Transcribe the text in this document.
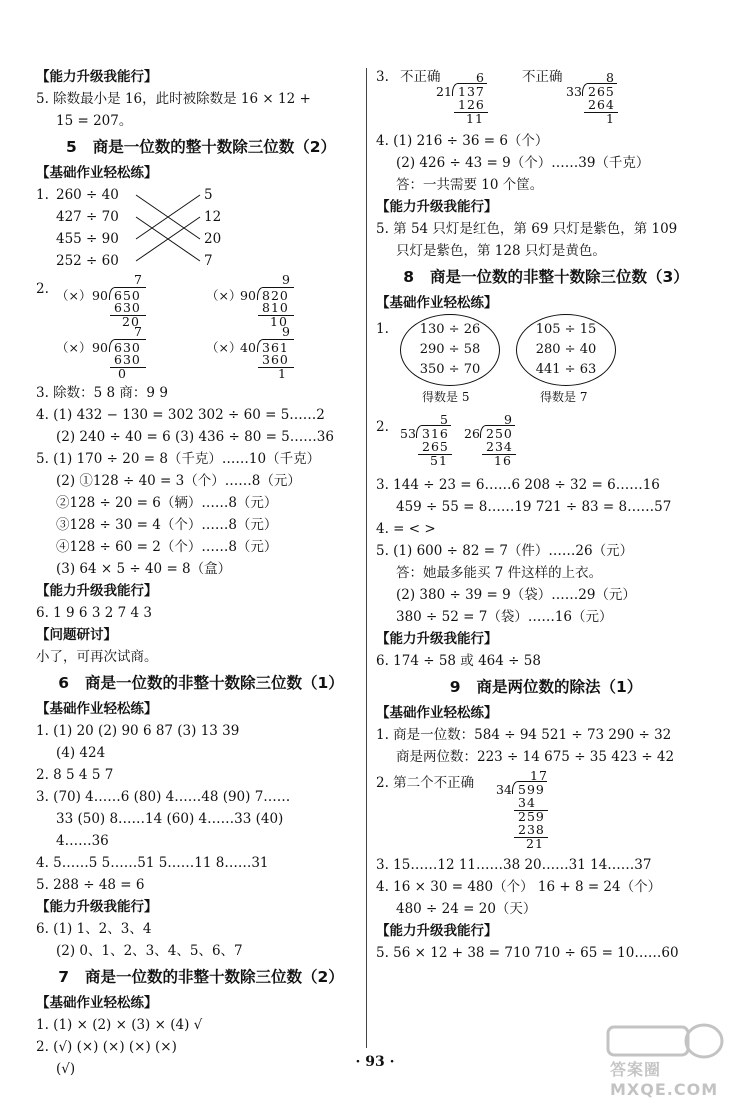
【能力升级我能行】
5. 除数最小是 16，此时被除数是 16 × 12 +
15 = 207。
5 商是一位数的整十数除三位数（2）
【基础作业轻松练】
1. 260 ÷ 40
427 ÷ 70
455 ÷ 90
252 ÷ 60
5
12
20
7
2. （×）
7
90 650
630
20
（×）
9
90 820
810
10
（×）
7
90 630
630
0
（×）
9
40 361
360
1
3. 除数：5 8 商：9 9
4. (1) 432 − 130 = 302 302 ÷ 60 = 5……2
(2) 240 ÷ 40 = 6 (3) 436 ÷ 80 = 5……36
5. (1) 170 ÷ 20 = 8（千克）……10（千克）
(2) ①128 ÷ 40 = 3（个）……8（元）
②128 ÷ 20 = 6（辆）……8（元）
③128 ÷ 30 = 4（个）……8（元）
④128 ÷ 60 = 2（个）……8（元）
(3) 64 × 5 ÷ 40 = 8（盒）
【能力升级我能行】
6. 1 9 6 3 2 7 4 3
【问题研讨】
小了，可再次试商。
6 商是一位数的非整十数除三位数（1）
【基础作业轻松练】
1. (1) 20 (2) 90 6 87 (3) 13 39
(4) 424
2. 8 5 4 5 7
3. (70) 4……6 (80) 4……48 (90) 7……
33 (50) 8……14 (60) 4……33 (40)
4……36
4. 5……5 5……51 5……11 8……31
5. 288 ÷ 48 = 6
【能力升级我能行】
6. (1) 1、2、3、4
(2) 0、1、2、3、4、5、6、7
7 商是一位数的非整十数除三位数（2）
【基础作业轻松练】
1. (1) × (2) × (3) × (4) √
2. (√) (×) (×) (×) (×)
(√)
3. 不正确	6
21 137
126
11
不正确	8
33 265
264
1
4. (1) 216 ÷ 36 = 6（个）
(2) 426 ÷ 43 = 9（个）……39（千克）
答：一共需要 10 个筐。
【能力升级我能行】
5. 第 54 只灯是红色，第 69 只灯是紫色，第 109
只灯是紫色，第 128 只灯是黄色。
8 商是一位数的非整十数除三位数（3）
【基础作业轻松练】
1.	130 ÷ 26
290 ÷ 58
350 ÷ 70
105 ÷ 15
280 ÷ 40
441 ÷ 63
得数是 5	得数是 7
2.	5
53 316
265
51
9
26 250
234
16
3. 144 ÷ 23 = 6……6 208 ÷ 32 = 6……16
459 ÷ 55 = 8……19 721 ÷ 83 = 8……57
4. = < >
5. (1) 600 ÷ 82 = 7（件）……26（元）
答：她最多能买 7 件这样的上衣。
(2) 380 ÷ 39 = 9（袋）……29（元）
380 ÷ 52 = 7（袋）……16（元）
【能力升级我能行】
6. 174 ÷ 58 或 464 ÷ 58
9 商是两位数的除法（1）
【基础作业轻松练】
1. 商是一位数：584 ÷ 94 521 ÷ 73 290 ÷ 32
商是两位数：223 ÷ 14 675 ÷ 35 423 ÷ 42
2. 第二个不正确	17
34 599
34
259
238
21
3. 15……12 11……38 20……31 14……37
4. 16 × 30 = 480（个） 16 + 8 = 24（个）
480 ÷ 24 = 20（天）
【能力升级我能行】
5. 56 × 12 + 38 = 710 710 ÷ 65 = 10……60
· 93 ·	答案圈 MXQE.COM
